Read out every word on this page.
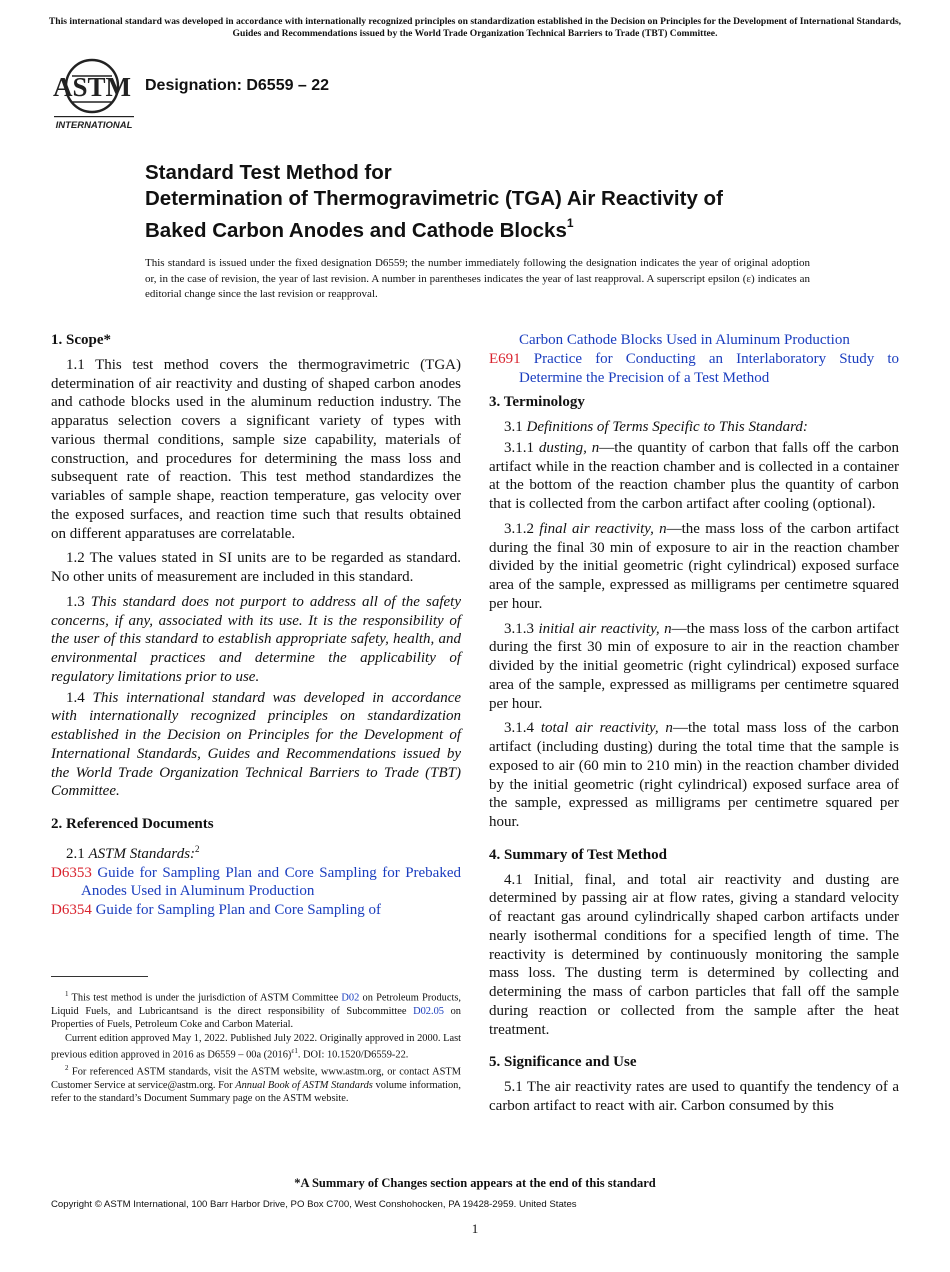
This international standard was developed in accordance with internationally recognized principles on standardization established in the Decision on Principles for the Development of International Standards, Guides and Recommendations issued by the World Trade Organization Technical Barriers to Trade (TBT) Committee.
ASTM
INTERNATIONAL
Designation: D6559 – 22
Standard Test Method for
Determination of Thermogravimetric (TGA) Air Reactivity of
Baked Carbon Anodes and Cathode Blocks$^1$
This standard is issued under the fixed designation D6559; the number immediately following the designation indicates the year of original adoption or, in the case of revision, the year of last revision. A number in parentheses indicates the year of last reapproval. A superscript epsilon (ε) indicates an editorial change since the last revision or reapproval.
1. Scope*

1.1 This test method covers the thermogravimetric (TGA) determination of air reactivity and dusting of shaped carbon anodes and cathode blocks used in the aluminum reduction industry. The apparatus selection covers a significant variety of types with various thermal conditions, sample size capability, materials of construction, and procedures for determining the mass loss and subsequent rate of reaction. This test method standardizes the variables of sample shape, reaction temperature, gas velocity over the exposed surfaces, and reaction time such that results obtained on different apparatuses are correlatable.

1.2 The values stated in SI units are to be regarded as standard. No other units of measurement are included in this standard.

1.3 This standard does not purport to address all of the safety concerns, if any, associated with its use. It is the responsibility of the user of this standard to establish appropriate safety, health, and environmental practices and determine the applicability of regulatory limitations prior to use.

1.4 This international standard was developed in accordance with internationally recognized principles on standardization established in the Decision on Principles for the Development of International Standards, Guides and Recommendations issued by the World Trade Organization Technical Barriers to Trade (TBT) Committee.

2. Referenced Documents

2.1 ASTM Standards:$^2$

D6353 Guide for Sampling Plan and Core Sampling for Prebaked Anodes Used in Aluminum Production

D6354 Guide for Sampling Plan and Core Sampling of

Carbon Cathode Blocks Used in Aluminum Production

E691 Practice for Conducting an Interlaboratory Study to Determine the Precision of a Test Method

3. Terminology

3.1 Definitions of Terms Specific to This Standard:

3.1.1 dusting, n—the quantity of carbon that falls off the carbon artifact while in the reaction chamber and is collected in a container at the bottom of the reaction chamber plus the quantity of carbon that is collected from the carbon artifact after cooling (optional).

3.1.2 final air reactivity, n—the mass loss of the carbon artifact during the final 30 min of exposure to air in the reaction chamber divided by the initial geometric (right cylindrical) exposed surface area of the sample, expressed as milligrams per centimetre squared per hour.

3.1.3 initial air reactivity, n—the mass loss of the carbon artifact during the first 30 min of exposure to air in the reaction chamber divided by the initial geometric (right cylindrical) exposed surface area of the sample, expressed as milligrams per centimetre squared per hour.

3.1.4 total air reactivity, n—the total mass loss of the carbon artifact (including dusting) during the total time that the sample is exposed to air (60 min to 210 min) in the reaction chamber divided by the initial geometric (right cylindrical) exposed surface area of the sample, expressed as milligrams per centimetre squared per hour.

4. Summary of Test Method

4.1 Initial, final, and total air reactivity and dusting are determined by passing air at flow rates, giving a standard velocity of reactant gas around cylindrically shaped carbon artifacts under nearly isothermal conditions for a specified length of time. The reactivity is determined by continuously monitoring the sample mass loss. The dusting term is determined by collecting and determining the mass of carbon particles that fall off the sample during reaction or collected from the sample after the heat treatment.

5. Significance and Use

5.1 The air reactivity rates are used to quantify the tendency of a carbon artifact to react with air. Carbon consumed by this

$^1$ This test method is under the jurisdiction of ASTM Committee D02 on Petroleum Products, Liquid Fuels, and Lubricantsand is the direct responsibility of Subcommittee D02.05 on Properties of Fuels, Petroleum Coke and Carbon Material.

Current edition approved May 1, 2022. Published July 2022. Originally approved in 2000. Last previous edition approved in 2016 as D6559 – 00a $(2016)^{\varepsilon 1}$. DOI: 10.1520/D6559-22.

$^2$ For referenced ASTM standards, visit the ASTM website, www.astm.org, or contact ASTM Customer Service at service@astm.org. For Annual Book of ASTM Standards volume information, refer to the standard’s Document Summary page on the ASTM website.

*A Summary of Changes section appears at the end of this standard
Copyright © ASTM International, 100 Barr Harbor Drive, PO Box C700, West Conshohocken, PA 19428-2959. United States
1
